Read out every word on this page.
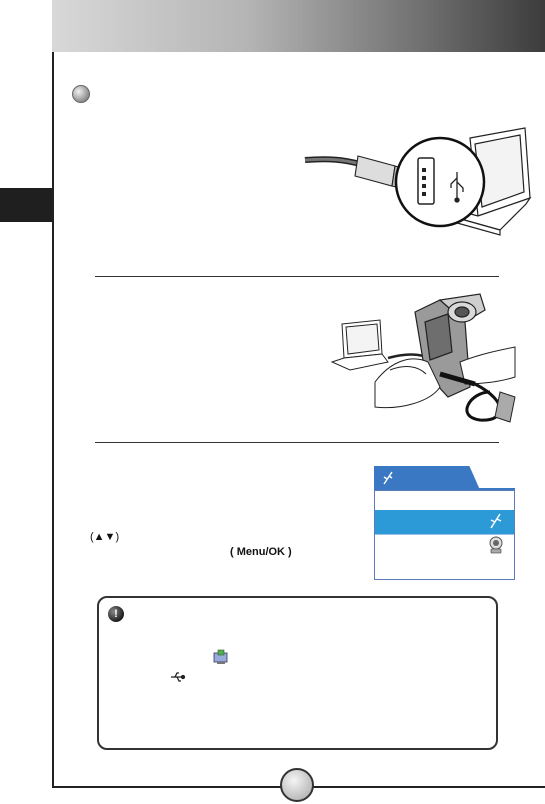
(▲▼)
( Menu/OK )
!
